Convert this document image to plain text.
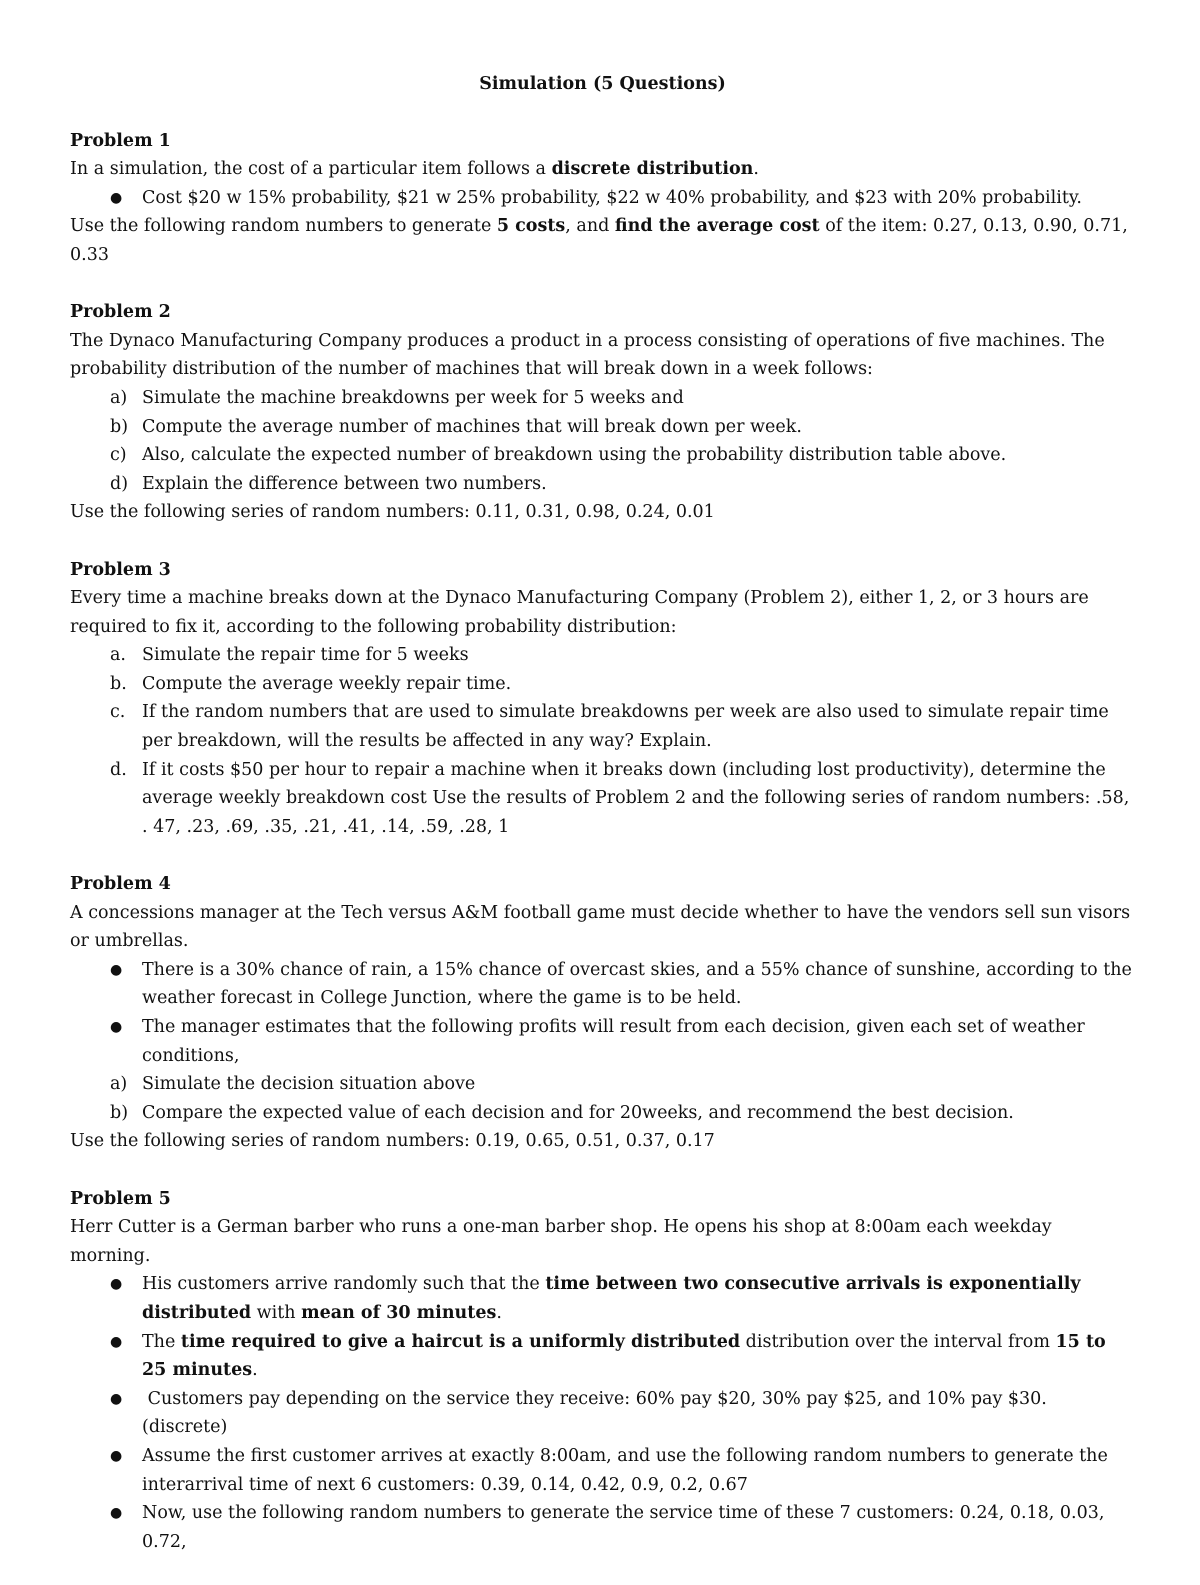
Simulation (5 Questions)

Problem 1

In a simulation, the cost of a particular item follows a discrete distribution.

● Cost $20 w 15% probability, $21 w 25% probability, $22 w 40% probability, and $23 with 20% probability.

Use the following random numbers to generate 5 costs, and find the average cost of the item: 0.27, 0.13, 0.90, 0.71, 0.33

Problem 2

The Dynaco Manufacturing Company produces a product in a process consisting of operations of five machines. The probability distribution of the number of machines that will break down in a week follows:

a) Simulate the machine breakdowns per week for 5 weeks and
b) Compute the average number of machines that will break down per week.
c) Also, calculate the expected number of breakdown using the probability distribution table above.
d) Explain the difference between two numbers.

Use the following series of random numbers: 0.11, 0.31, 0.98, 0.24, 0.01

Problem 3

Every time a machine breaks down at the Dynaco Manufacturing Company (Problem 2), either 1, 2, or 3 hours are required to fix it, according to the following probability distribution:

a. Simulate the repair time for 5 weeks
b. Compute the average weekly repair time.
c. If the random numbers that are used to simulate breakdowns per week are also used to simulate repair time per breakdown, will the results be affected in any way? Explain.
d. If it costs $50 per hour to repair a machine when it breaks down (including lost productivity), determine the average weekly breakdown cost Use the results of Problem 2 and the following series of random numbers: .58, . 47, .23, .69, .35, .21, .41, .14, .59, .28, 1

Problem 4

A concessions manager at the Tech versus A&M football game must decide whether to have the vendors sell sun visors or umbrellas.

● There is a 30% chance of rain, a 15% chance of overcast skies, and a 55% chance of sunshine, according to the weather forecast in College Junction, where the game is to be held.
● The manager estimates that the following profits will result from each decision, given each set of weather conditions,
a) Simulate the decision situation above
b) Compare the expected value of each decision and for 20weeks, and recommend the best decision.

Use the following series of random numbers: 0.19, 0.65, 0.51, 0.37, 0.17

Problem 5

Herr Cutter is a German barber who runs a one-man barber shop. He opens his shop at 8:00am each weekday morning.

● His customers arrive randomly such that the time between two consecutive arrivals is exponentially distributed with mean of 30 minutes.
● The time required to give a haircut is a uniformly distributed distribution over the interval from 15 to 25 minutes.
● Customers pay depending on the service they receive: 60% pay $20, 30% pay $25, and 10% pay $30. (discrete)
● Assume the first customer arrives at exactly 8:00am, and use the following random numbers to generate the interarrival time of next 6 customers: 0.39, 0.14, 0.42, 0.9, 0.2, 0.67
● Now, use the following random numbers to generate the service time of these 7 customers: 0.24, 0.18, 0.03, 0.72,
